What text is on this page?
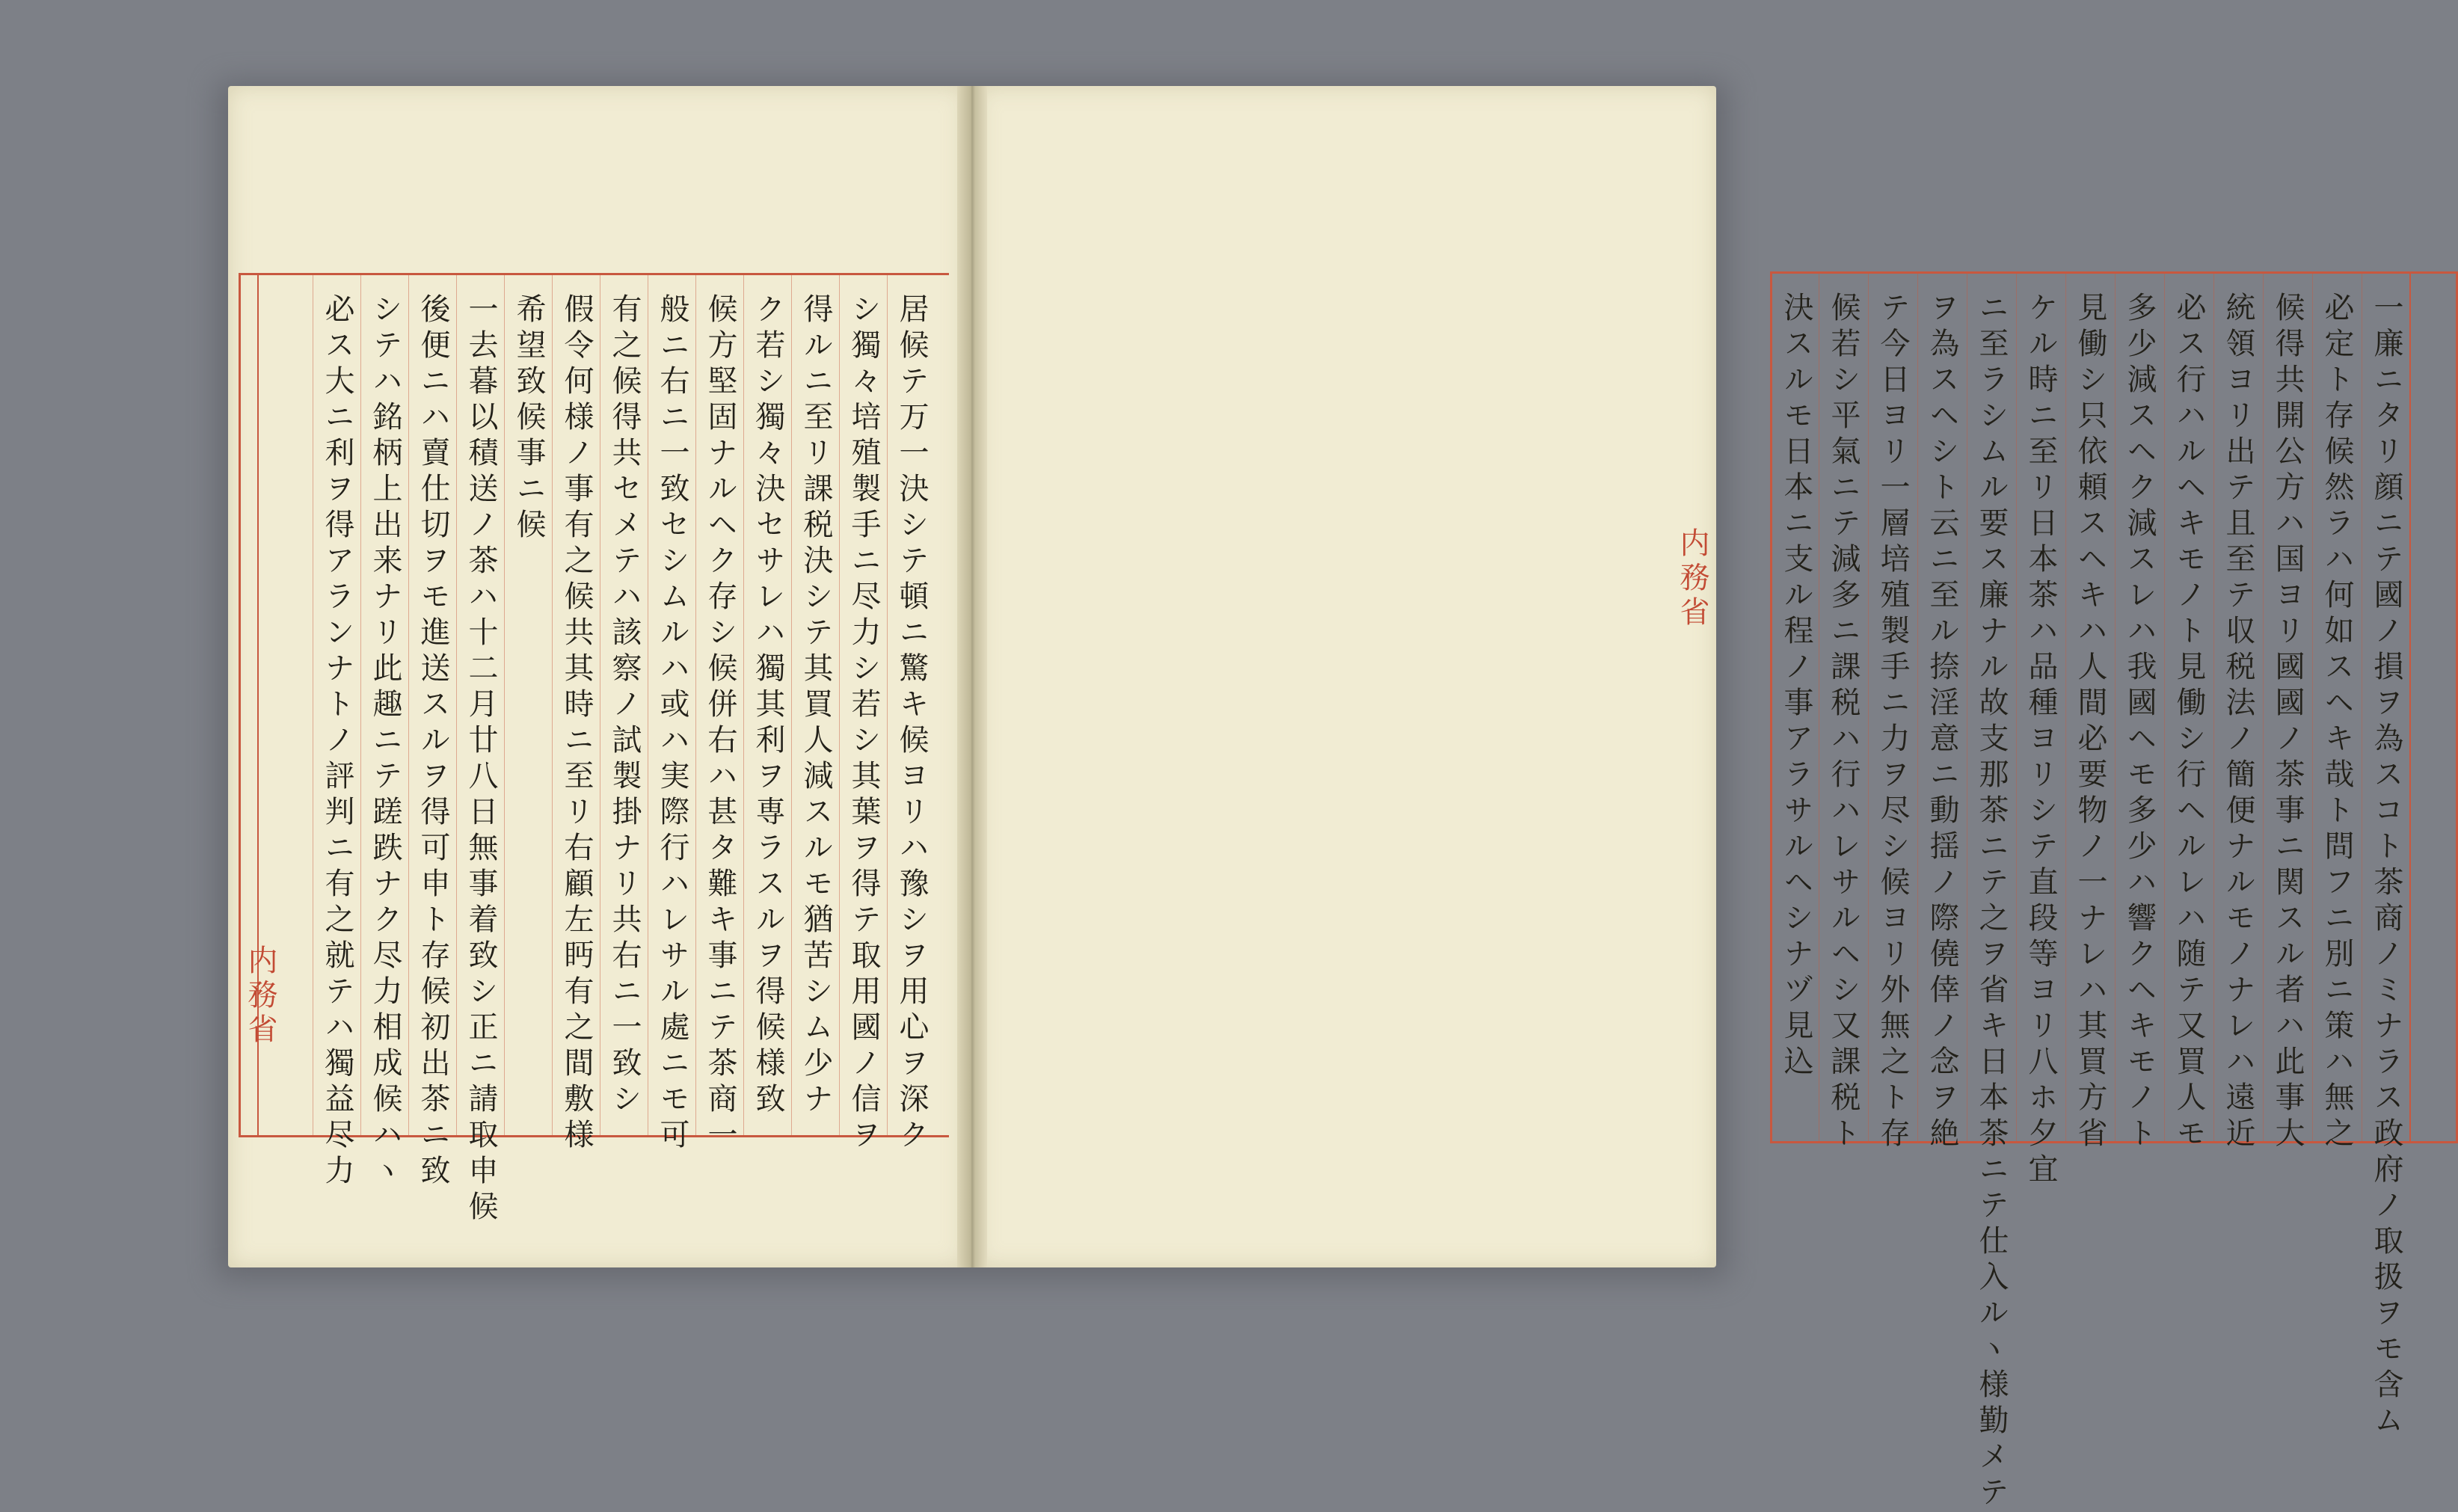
居候テ万一決シテ頓ニ驚キ候ヨリハ豫シヲ用心ヲ深ク
シ獨々培殖製手ニ尽力シ若シ其葉ヲ得テ取用國ノ信ヲ
得ルニ至リ課税決シテ其買人減スルモ猶苦シム少ナ
ク若シ獨々決セサレハ獨其利ヲ専ラスルヲ得候様致
候方堅固ナルヘク存シ候併右ハ甚タ難キ事ニテ茶商一
般ニ右ニ一致セシムルハ或ハ実際行ハレサル處ニモ可
有之候得共セメテハ該察ノ試製掛ナリ共右ニ一致シ
假令何様ノ事有之候共其時ニ至リ右顧左眄有之間敷様
希望致候事ニ候
一去暮以積送ノ茶ハ十二月廿八日無事着致シ正ニ請取申候
後便ニハ賣仕切ヲモ進送スルヲ得可申ト存候初出茶ニ致
シテハ銘柄上出来ナリ此趣ニテ蹉跌ナク尽力相成候ハヽ
必ス大ニ利ヲ得アランナトノ評判ニ有之就テハ獨益尽力	一廉ニタリ顔ニテ國ノ損ヲ為スコト茶商ノミナラス政府ノ取扱ヲモ含ム
必定ト存候然ラハ何如スヘキ哉ト問フニ別ニ策ハ無之
候得共開公方ハ国ヨリ國國ノ茶事ニ関スル者ハ此事大
統領ヨリ出テ且至テ収税法ノ簡便ナルモノナレハ遠近
必ス行ハルヘキモノト見働シ行ヘルレハ随テ又買人モ
多少減スヘク減スレハ我國ヘモ多少ハ響クヘキモノト
見働シ只依頼スヘキハ人間必要物ノ一ナレハ其買方省
ケル時ニ至リ日本茶ハ品種ヨリシテ直段等ヨリ八ホ夕宜
ニ至ラシムル要ス廉ナル故支那茶ニテ之ヲ省キ日本茶ニテ仕入ルヽ様勤メテ
ヲ為スヘシト云ニ至ル捺淫意ニ動揺ノ際僥倖ノ念ヲ絶
テ今日ヨリ一層培殖製手ニ力ヲ尽シ候ヨリ外無之ト存
候若シ平氣ニテ減多ニ課税ハ行ハレサルヘシ又課税ト
決スルモ日本ニ支ル程ノ事アラサルヘシナヅ見込
内務省
内務省
